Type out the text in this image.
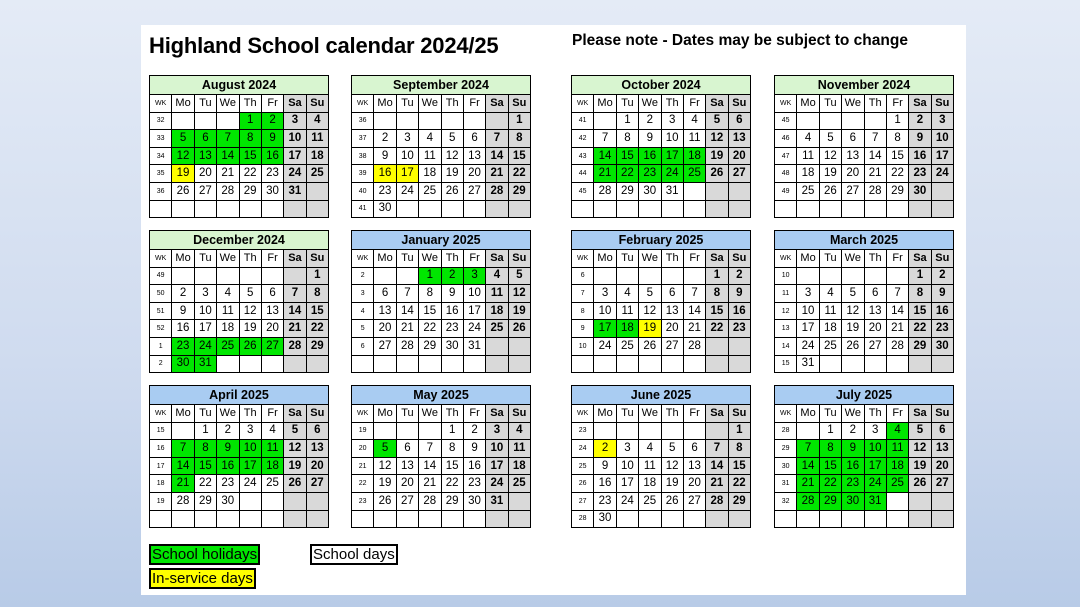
Highland School calendar 2024/25	Please note - Dates may be subject to change
August 2024							
WK	Mo	Tu	We	Th	Fr	Sa	Su
32				1	2	3	4
33	5	6	7	8	9	10	11
34	12	13	14	15	16	17	18
35	19	20	21	22	23	24	25
36	26	27	28	29	30	31	

September 2024							
WK	Mo	Tu	We	Th	Fr	Sa	Su
36							1
37	2	3	4	5	6	7	8
38	9	10	11	12	13	14	15
39	16	17	18	19	20	21	22
40	23	24	25	26	27	28	29
41	30						
October 2024							
WK	Mo	Tu	We	Th	Fr	Sa	Su
41		1	2	3	4	5	6
42	7	8	9	10	11	12	13
43	14	15	16	17	18	19	20
44	21	22	23	24	25	26	27
45	28	29	30	31			

November 2024							
WK	Mo	Tu	We	Th	Fr	Sa	Su
45					1	2	3
46	4	5	6	7	8	9	10
47	11	12	13	14	15	16	17
48	18	19	20	21	22	23	24
49	25	26	27	28	29	30	

December 2024							
WK	Mo	Tu	We	Th	Fr	Sa	Su
49							1
50	2	3	4	5	6	7	8
51	9	10	11	12	13	14	15
52	16	17	18	19	20	21	22
1	23	24	25	26	27	28	29
2	30	31					
January 2025							
WK	Mo	Tu	We	Th	Fr	Sa	Su
2			1	2	3	4	5
3	6	7	8	9	10	11	12
4	13	14	15	16	17	18	19
5	20	21	22	23	24	25	26
6	27	28	29	30	31		

February 2025							
WK	Mo	Tu	We	Th	Fr	Sa	Su
6						1	2
7	3	4	5	6	7	8	9
8	10	11	12	13	14	15	16
9	17	18	19	20	21	22	23
10	24	25	26	27	28		

March 2025							
WK	Mo	Tu	We	Th	Fr	Sa	Su
10						1	2
11	3	4	5	6	7	8	9
12	10	11	12	13	14	15	16
13	17	18	19	20	21	22	23
14	24	25	26	27	28	29	30
15	31						
April 2025							
WK	Mo	Tu	We	Th	Fr	Sa	Su
15		1	2	3	4	5	6
16	7	8	9	10	11	12	13
17	14	15	16	17	18	19	20
18	21	22	23	24	25	26	27
19	28	29	30				

May 2025							
WK	Mo	Tu	We	Th	Fr	Sa	Su
19				1	2	3	4
20	5	6	7	8	9	10	11
21	12	13	14	15	16	17	18
22	19	20	21	22	23	24	25
23	26	27	28	29	30	31	

June 2025							
WK	Mo	Tu	We	Th	Fr	Sa	Su
23							1
24	2	3	4	5	6	7	8
25	9	10	11	12	13	14	15
26	16	17	18	19	20	21	22
27	23	24	25	26	27	28	29
28	30						
July 2025							
WK	Mo	Tu	We	Th	Fr	Sa	Su
28		1	2	3	4	5	6
29	7	8	9	10	11	12	13
30	14	15	16	17	18	19	20
31	21	22	23	24	25	26	27
32	28	29	30	31			

School holidays	School days
In-service days
